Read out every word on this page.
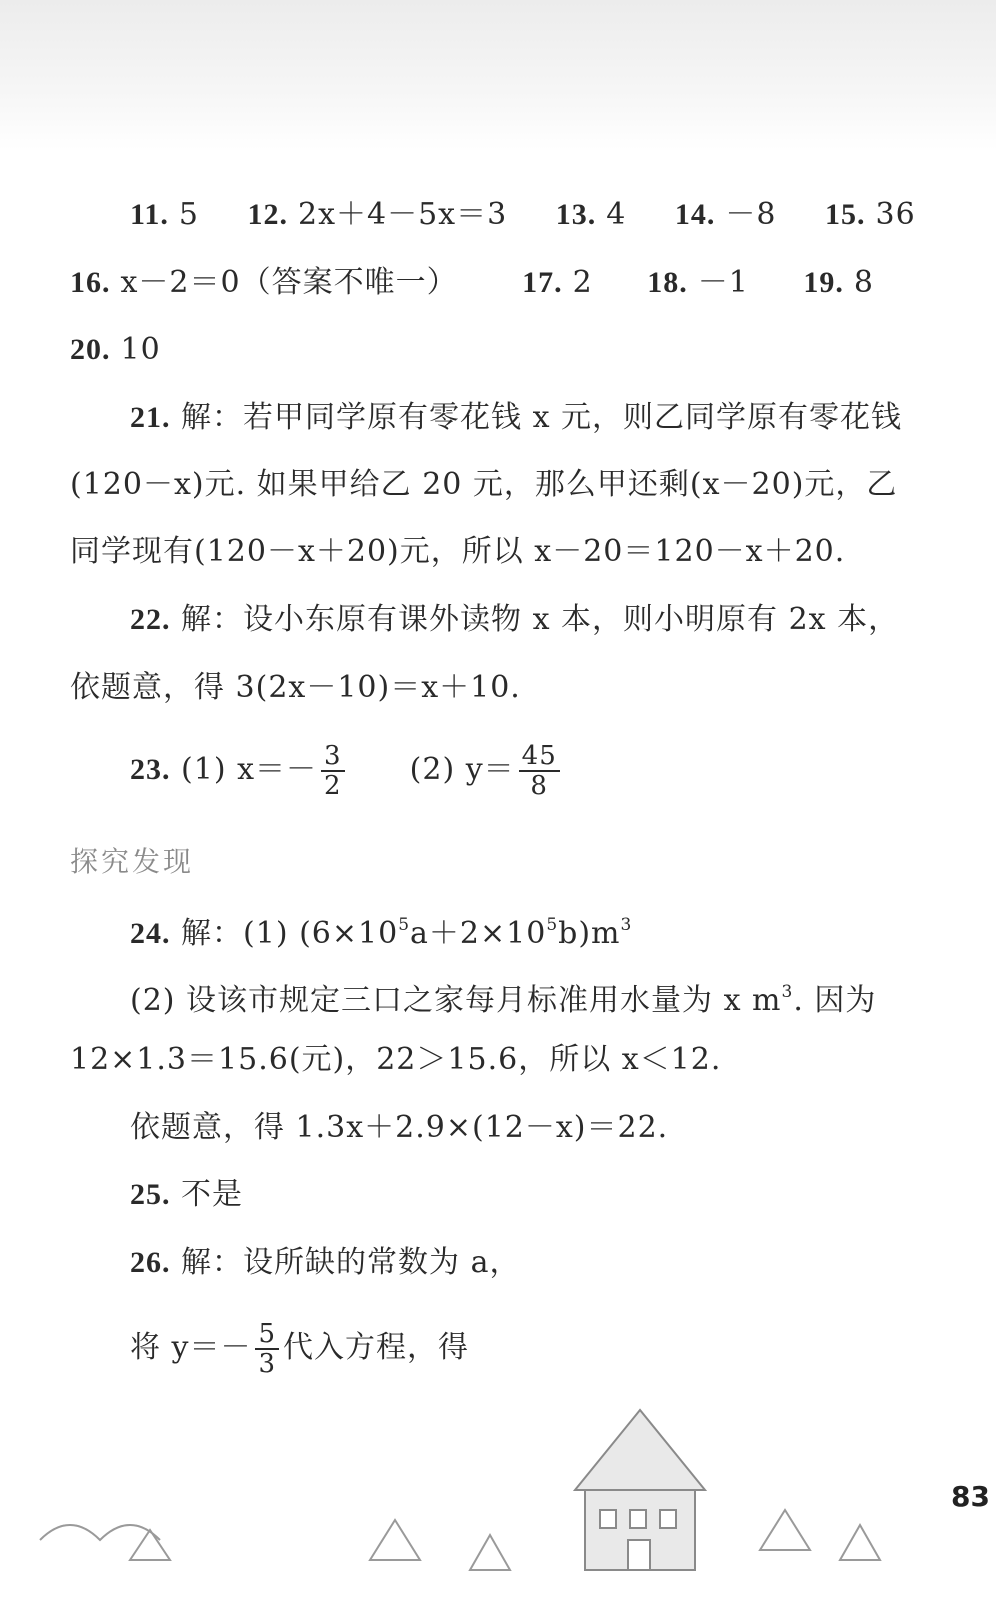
11. 5 12. 2x＋4－5x＝3 13. 4 14. －8 15. 36
16. x－2＝0（答案不唯一） 17. 2 18. －1 19. 8
20. 10
21. 解：若甲同学原有零花钱 x 元，则乙同学原有零花钱
(120－x)元. 如果甲给乙 20 元，那么甲还剩(x－20)元，乙
同学现有(120－x＋20)元，所以 x－20＝120－x＋20.
22. 解：设小东原有课外读物 x 本，则小明原有 2x 本，
依题意，得 3(2x－10)＝x＋10.
23. (1) $x=- \frac{3}{2} (2)$ $y= \frac{45}{8}$
探究发现
24. 解：(1) $(6\times 10^5a+2\times 10^5b)m^3$
(2) 设该市规定三口之家每月标准用水量为 x $m^3$. 因为
12×1.3＝15.6(元)，22＞15.6，所以 x＜12.
依题意，得 1.3x＋2.9×(12－x)＝22.
25. 不是
26. 解：设所缺的常数为 a，
将 $y=- \frac{5}{3}$ 代入方程，得
83
